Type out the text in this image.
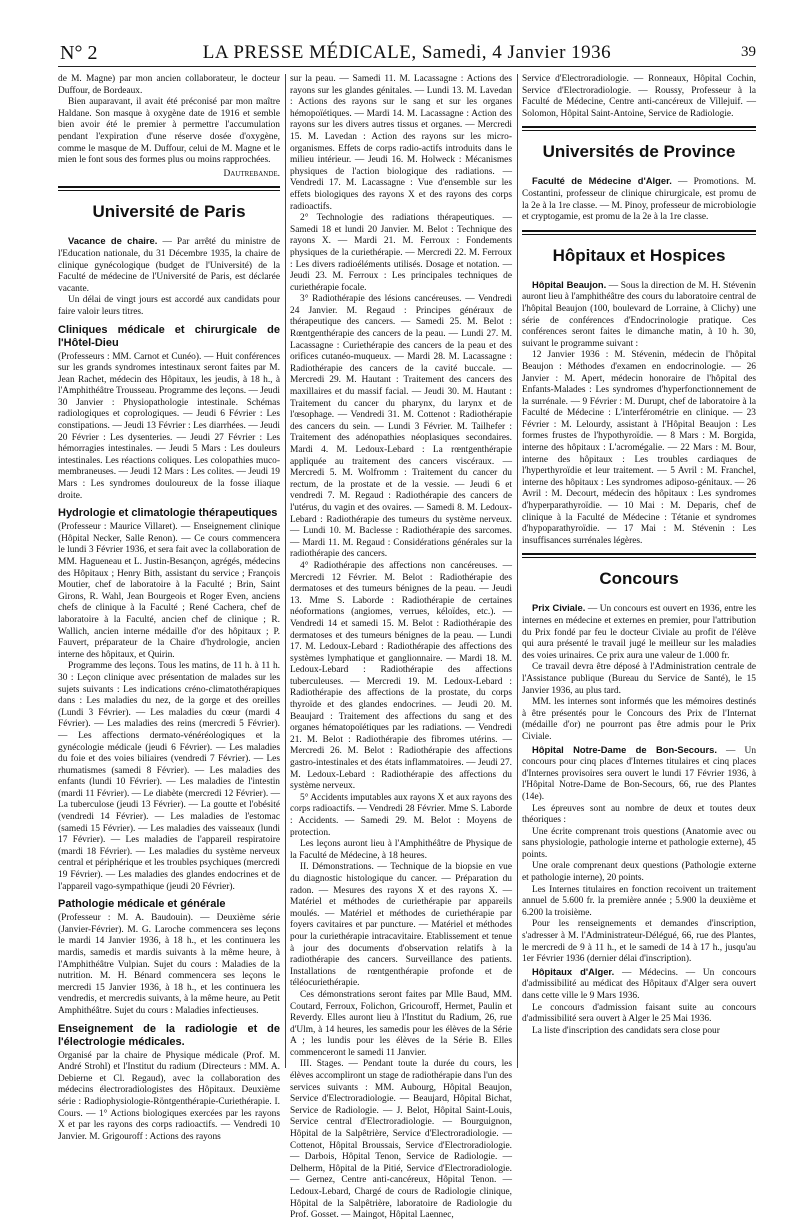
N° 2	LA PRESSE MÉDICALE, Samedi, 4 Janvier 1936	39

de M. Magne) par mon ancien collaborateur, le docteur Duffour, de Bordeaux.

Bien auparavant, il avait été préconisé par mon maître Haldane. Son masque à oxygène date de 1916 et semble bien avoir été le premier à permettre l'accumulation pendant l'expiration d'une réserve dosée d'oxygène, comme le masque de M. Duffour, celui de M. Magne et le mien le font sous des formes plus ou moins rapprochées.

Dautrebande.
Université de Paris

Vacance de chaire. — Par arrêté du ministre de l'Education nationale, du 31 Décembre 1935, la chaire de clinique gynécologique (budget de l'Université) de la Faculté de médecine de l'Université de Paris, est déclarée vacante.

Un délai de vingt jours est accordé aux candidats pour faire valoir leurs titres.

Cliniques médicale et chirurgicale de l'Hôtel-Dieu

(Professeurs : MM. Carnot et Cunéo). — Huit conférences sur les grands syndromes intestinaux seront faites par M. Jean Rachet, médecin des Hôpitaux, les jeudis, à 18 h., à l'Amphithéâtre Trousseau. Programme des leçons. — Jeudi 30 Janvier : Physiopathologie intestinale. Schémas radiologiques et coprologiques. — Jeudi 6 Février : Les constipations. — Jeudi 13 Février : Les diarrhées. — Jeudi 20 Février : Les dysenteries. — Jeudi 27 Février : Les hémorragies intestinales. — Jeudi 5 Mars : Les douleurs intestinales. Les réactions coliques. Les colopathies muco-membraneuses. — Jeudi 12 Mars : Les colites. — Jeudi 19 Mars : Les syndromes douloureux de la fosse iliaque droite.

Hydrologie et climatologie thérapeutiques

(Professeur : Maurice Villaret). — Enseignement clinique (Hôpital Necker, Salle Renon). — Ce cours commencera le lundi 3 Février 1936, et sera fait avec la collaboration de MM. Hagueneau et L. Justin-Besançon, agrégés, médecins des Hôpitaux ; Henry Bith, assistant du service ; François Moutier, chef de laboratoire à la Faculté ; Brin, Saint Girons, R. Wahl, Jean Bourgeois et Roger Even, anciens chefs de clinique à la Faculté ; René Cachera, chef de laboratoire à la Faculté, ancien chef de clinique ; R. Wallich, ancien interne médaille d'or des hôpitaux ; P. Fauvert, préparateur de la Chaire d'hydrologie, ancien interne des hôpitaux, et Quirin.

Programme des leçons. Tous les matins, de 11 h. à 11 h. 30 : Leçon clinique avec présentation de malades sur les sujets suivants : Les indications créno-climatothérapiques dans : Les maladies du nez, de la gorge et des oreilles (Lundi 3 Février). — Les maladies du cœur (mardi 4 Février). — Les maladies des reins (mercredi 5 Février). — Les affections dermato-vénéréologiques et la gynécologie médicale (jeudi 6 Février). — Les maladies du foie et des voies biliaires (vendredi 7 Février). — Les rhumatismes (samedi 8 Février). — Les maladies des enfants (lundi 10 Février). — Les maladies de l'intestin (mardi 11 Février). — Le diabète (mercredi 12 Février). — La tuberculose (jeudi 13 Février). — La goutte et l'obésité (vendredi 14 Février). — Les maladies de l'estomac (samedi 15 Février). — Les maladies des vaisseaux (lundi 17 Février). — Les maladies de l'appareil respiratoire (mardi 18 Février). — Les maladies du système nerveux central et périphérique et les troubles psychiques (mercredi 19 Février). — Les maladies des glandes endocrines et de l'appareil vago-sympathique (jeudi 20 Février).

Pathologie médicale et générale

(Professeur : M. A. Baudouin). — Deuxième série (Janvier-Février). M. G. Laroche commencera ses leçons le mardi 14 Janvier 1936, à 18 h., et les continuera les mardis, samedis et mardis suivants à la même heure, à l'Amphithéâtre Vulpian. Sujet du cours : Maladies de la nutrition. M. H. Bénard commencera ses leçons le mercredi 15 Janvier 1936, à 18 h., et les continuera les vendredis, et mercredis suivants, à la même heure, au Petit Amphithéâtre. Sujet du cours : Maladies infectieuses.

Enseignement de la radiologie et de l'électrologie médicales.

Organisé par la chaire de Physique médicale (Prof. M. André Strohl) et l'Institut du radium (Directeurs : MM. A. Debierne et Cl. Regaud), avec la collaboration des médecins électroradiologistes des Hôpitaux. Deuxième série : Radiophysiologie-Röntgenthérapie-Curiethérapie. I. Cours. — 1° Actions biologiques exercées par les rayons X et par les rayons des corps radioactifs. — Vendredi 10 Janvier. M. Grigouroff : Actions des rayons

sur la peau. — Samedi 11. M. Lacassagne : Actions des rayons sur les glandes génitales. — Lundi 13. M. Lavedan : Actions des rayons sur le sang et sur les organes hémopoïétiques. — Mardi 14. M. Lacassagne : Action des rayons sur les divers autres tissus et organes. — Mercredi 15. M. Lavedan : Action des rayons sur les micro-organismes. Effets de corps radio-actifs introduits dans le milieu intérieur. — Jeudi 16. M. Holweck : Mécanismes physiques de l'action biologique des radiations. — Vendredi 17. M. Lacassagne : Vue d'ensemble sur les effets biologiques des rayons X et des rayons des corps radioactifs.

2° Technologie des radiations thérapeutiques. — Samedi 18 et lundi 20 Janvier. M. Belot : Technique des rayons X. — Mardi 21. M. Ferroux : Fondements physiques de la curiethérapie. — Mercredi 22. M. Ferroux : Les divers radioéléments utilisés. Dosage et notation. — Jeudi 23. M. Ferroux : Les principales techniques de curiethérapie focale.

3° Radiothérapie des lésions cancéreuses. — Vendredi 24 Janvier. M. Regaud : Principes généraux de thérapeutique des cancers. — Samedi 25. M. Belot : Rœntgenthérapie des cancers de la peau. — Lundi 27. M. Lacassagne : Curiethérapie des cancers de la peau et des orifices cutanéo-muqueux. — Mardi 28. M. Lacassagne : Radiothérapie des cancers de la cavité buccale. — Mercredi 29. M. Hautant : Traitement des cancers des maxillaires et du massif facial. — Jeudi 30. M. Hautant : Traitement du cancer du pharynx, du larynx et de l'œsophage. — Vendredi 31. M. Cottenot : Radiothérapie des cancers du sein. — Lundi 3 Février. M. Tailhefer : Traitement des adénopathies néoplasiques secondaires. Mardi 4. M. Ledoux-Lebard : La rœntgenthérapie appliquée au traitement des cancers viscéraux. — Mercredi 5. M. Wolfromm : Traitement du cancer du rectum, de la prostate et de la vessie. — Jeudi 6 et vendredi 7. M. Regaud : Radiothérapie des cancers de l'utérus, du vagin et des ovaires. — Samedi 8. M. Ledoux-Lebard : Radiothérapie des tumeurs du système nerveux. — Lundi 10. M. Baclesse : Radiothérapie des sarcomes. — Mardi 11. M. Regaud : Considérations générales sur la radiothérapie des cancers.

4° Radiothérapie des affections non cancéreuses. — Mercredi 12 Février. M. Belot : Radiothérapie des dermatoses et des tumeurs bénignes de la peau. — Jeudi 13. Mme S. Laborde : Radiothérapie de certaines néoformations (angiomes, verrues, kéloïdes, etc.). — Vendredi 14 et samedi 15. M. Belot : Radiothérapie des dermatoses et des tumeurs bénignes de la peau. — Lundi 17. M. Ledoux-Lebard : Radiothérapie des affections des systèmes lymphatique et ganglionnaire. — Mardi 18. M. Ledoux-Lebard : Radiothérapie des affections tuberculeuses. — Mercredi 19. M. Ledoux-Lebard : Radiothérapie des affections de la prostate, du corps thyroïde et des glandes endocrines. — Jeudi 20. M. Beaujard : Traitement des affections du sang et des organes hématopoïétiques par les radiations. — Vendredi 21. M. Belot : Radiothérapie des fibromes utérins. — Mercredi 26. M. Belot : Radiothérapie des affections gastro-intestinales et des états inflammatoires. — Jeudi 27. M. Ledoux-Lebard : Radiothérapie des affections du système nerveux.

5° Accidents imputables aux rayons X et aux rayons des corps radioactifs. — Vendredi 28 Février. Mme S. Laborde : Accidents. — Samedi 29. M. Belot : Moyens de protection.

Les leçons auront lieu à l'Amphithéâtre de Physique de la Faculté de Médecine, à 18 heures.

II. Démonstrations. — Technique de la biopsie en vue du diagnostic histologique du cancer. — Préparation du radon. — Mesures des rayons X et des rayons X. — Matériel et méthodes de curiethérapie par appareils moulés. — Matériel et méthodes de curiethérapie par foyers cavitaires et par puncture. — Matériel et méthodes pour la curiethérapie intracavitaire. Etablissement et tenue à jour des documents d'observation relatifs à la radiothérapie des cancers. Surveillance des patients. Installations de rœntgenthérapie profonde et de téléocuriethérapie.

Ces démonstrations seront faites par Mlle Baud, MM. Coutard, Ferroux, Folichon, Gricouroff, Hermet, Paulin et Reverdy. Elles auront lieu à l'Institut du Radium, 26, rue d'Ulm, à 14 heures, les samedis pour les élèves de la Série A ; les lundis pour les élèves de la Série B. Elles commenceront le samedi 11 Janvier.

III. Stages. — Pendant toute la durée du cours, les élèves accompliront un stage de radiothérapie dans l'un des services suivants : MM. Aubourg, Hôpital Beaujon, Service d'Electroradiologie. — Beaujard, Hôpital Bichat, Service de Radiologie. — J. Belot, Hôpital Saint-Louis, Service central d'Electroradiologie. — Bourguignon, Hôpital de la Salpêtrière, Service d'Electroradiologie. — Cottenot, Hôpital Broussais, Service d'Electroradiologie. — Darbois, Hôpital Tenon, Service de Radiologie. — Delherm, Hôpital de la Pitié, Service d'Electroradiologie. — Gernez, Centre anti-cancéreux, Hôpital Tenon. — Ledoux-Lebard, Chargé de cours de Radiologie clinique, Hôpital de la Salpêtrière, laboratoire de Radiologie du Prof. Gosset. — Maingot, Hôpital Laennec,

Service d'Electroradiologie. — Ronneaux, Hôpital Cochin, Service d'Electroradiologie. — Roussy, Professeur à la Faculté de Médecine, Centre anti-cancéreux de Villejuif. — Solomon, Hôpital Saint-Antoine, Service de Radiologie.

Universités de Province

Faculté de Médecine d'Alger. — Promotions. M. Costantini, professeur de clinique chirurgicale, est promu de la 2e à la 1re classe. — M. Pinoy, professeur de microbiologie et cryptogamie, est promu de la 2e à la 1re classe.

Hôpitaux et Hospices

Hôpital Beaujon. — Sous la direction de M. H. Stévenin auront lieu à l'amphithéâtre des cours du laboratoire central de l'hôpital Beaujon (100, boulevard de Lorraine, à Clichy) une série de conférences d'Endocrinologie pratique. Ces conférences seront faites le dimanche matin, à 10 h. 30, suivant le programme suivant :

12 Janvier 1936 : M. Stévenin, médecin de l'hôpital Beaujon : Méthodes d'examen en endocrinologie. — 26 Janvier : M. Apert, médecin honoraire de l'hôpital des Enfants-Malades : Les syndromes d'hyperfonctionnement de la surrénale. — 9 Février : M. Durupt, chef de laboratoire à la Faculté de Médecine : L'interférométrie en clinique. — 23 Février : M. Lelourdy, assistant à l'Hôpital Beaujon : Les formes frustes de l'hypothyroïdie. — 8 Mars : M. Borgida, interne des hôpitaux : L'acromégalie. — 22 Mars : M. Bour, interne des hôpitaux : Les troubles cardiaques de l'hyperthyroïdie et leur traitement. — 5 Avril : M. Franchel, interne des hôpitaux : Les syndromes adiposo-génitaux. — 26 Avril : M. Decourt, médecin des hôpitaux : Les syndromes d'hyperparathyroïdie. — 10 Mai : M. Deparis, chef de clinique à la Faculté de Médecine : Tétanie et syndromes d'hypoparathyroïdie. — 17 Mai : M. Stévenin : Les insuffisances surrénales légères.

Concours

Prix Civiale. — Un concours est ouvert en 1936, entre les internes en médecine et externes en premier, pour l'attribution du Prix fondé par feu le docteur Civiale au profit de l'élève qui aura présenté le travail jugé le meilleur sur les maladies des voies urinaires. Ce prix aura une valeur de 1.000 fr.

Ce travail devra être déposé à l'Administration centrale de l'Assistance publique (Bureau du Service de Santé), le 15 Janvier 1936, au plus tard.

MM. les internes sont informés que les mémoires destinés à être présentés pour le Concours des Prix de l'Internat (médaille d'or) ne pourront pas être admis pour le Prix Civiale.

Hôpital Notre-Dame de Bon-Secours. — Un concours pour cinq places d'Internes titulaires et cinq places d'Internes provisoires sera ouvert le lundi 17 Février 1936, à l'Hôpital Notre-Dame de Bon-Secours, 66, rue des Plantes (14e).

Les épreuves sont au nombre de deux et toutes deux théoriques :

Une écrite comprenant trois questions (Anatomie avec ou sans physiologie, pathologie interne et pathologie externe), 45 points.

Une orale comprenant deux questions (Pathologie externe et pathologie interne), 20 points.

Les Internes titulaires en fonction recoivent un traitement annuel de 5.600 fr. la première année ; 5.900 la deuxième et 6.200 la troisième.

Pour les renseignements et demandes d'inscription, s'adresser à M. l'Administrateur-Délégué, 66, rue des Plantes, le mercredi de 9 à 11 h., et le samedi de 14 à 17 h., jusqu'au 1er Février 1936 (dernier délai d'inscription).

Hôpitaux d'Alger. — Médecins. — Un concours d'admissibilité au médicat des Hôpitaux d'Alger sera ouvert dans cette ville le 9 Mars 1936.

Le concours d'admission faisant suite au concours d'admissibilité sera ouvert à Alger le 25 Mai 1936.

La liste d'inscription des candidats sera close pour
